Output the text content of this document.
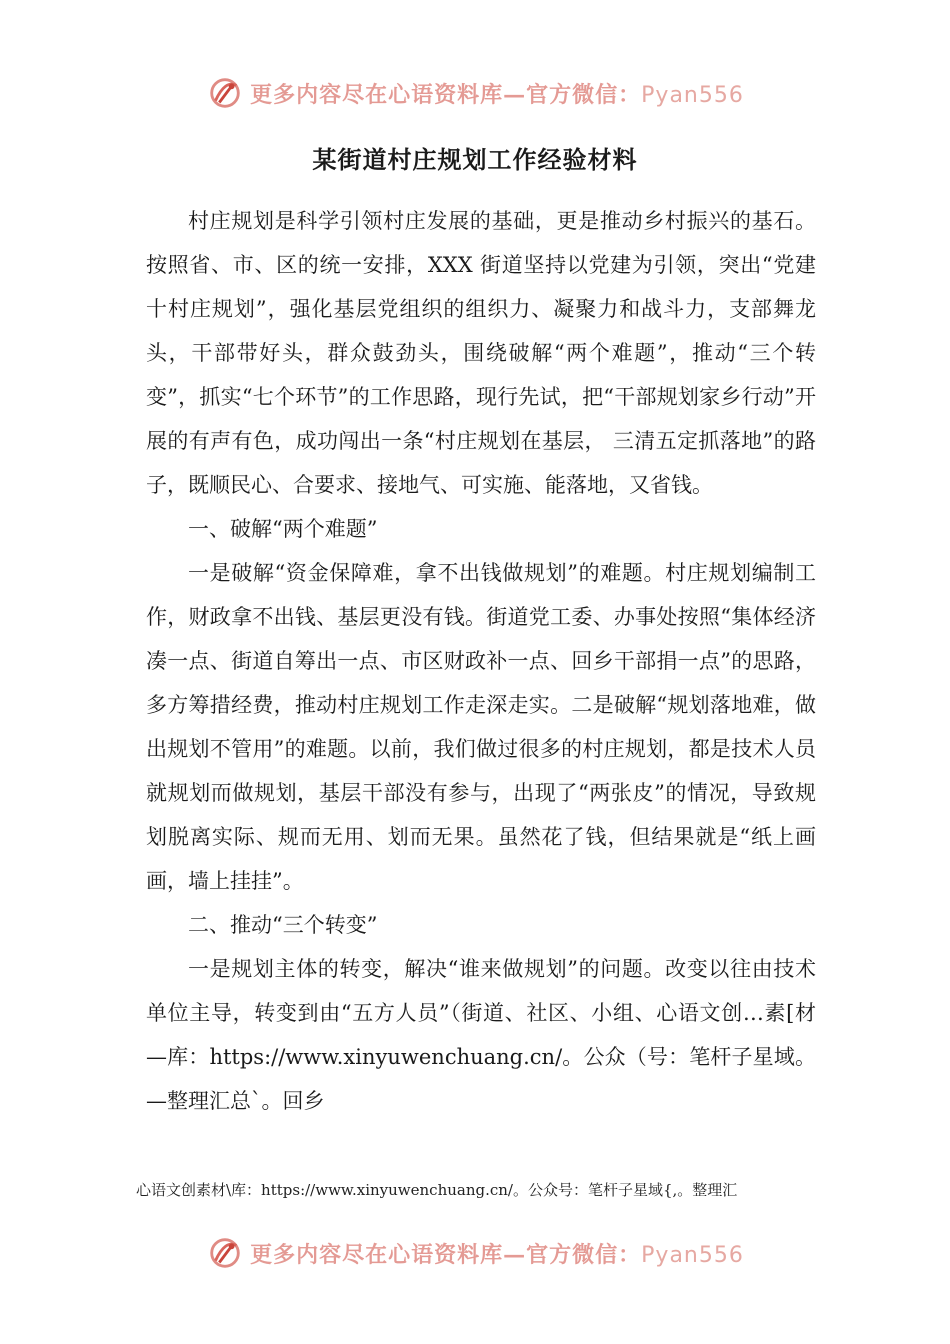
更多内容尽在心语资料库—官方微信：Pyan556
某街道村庄规划工作经验材料

村庄规划是科学引领村庄发展的基础，更是推动乡村振兴的基石。按照省、市、区的统一安排，XXX 街道坚持以党建为引领，突出“党建十村庄规划”，强化基层党组织的组织力、凝聚力和战斗力，支部舞龙头，干部带好头，群众鼓劲头，围绕破解“两个难题”，推动“三个转变”，抓实“七个环节”的工作思路，现行先试，把“干部规划家乡行动”开展的有声有色，成功闯出一条“村庄规划在基层， 三清五定抓落地”的路子，既顺民心、合要求、接地气、可实施、能落地，又省钱。

一、破解“两个难题”

一是破解“资金保障难，拿不出钱做规划”的难题。村庄规划编制工作，财政拿不出钱、基层更没有钱。街道党工委、办事处按照“集体经济凑一点、街道自筹出一点、市区财政补一点、回乡干部捐一点”的思路，多方筹措经费，推动村庄规划工作走深走实。二是破解“规划落地难，做出规划不管用”的难题。以前，我们做过很多的村庄规划，都是技术人员就规划而做规划，基层干部没有参与，出现了“两张皮”的情况，导致规划脱离实际、规而无用、划而无果。虽然花了钱，但结果就是“纸上画画，墙上挂挂”。

二、推动“三个转变”

一是规划主体的转变，解决“谁来做规划”的问题。改变以往由技术单位主导，转变到由“五方人员”（街道、社区、小组、心语文创…素[材—库：https://www.xinyuwenchuang.cn/。公众（号：笔杆子星域。—整理汇总`。回乡

心语文创素材\库：https://www.xinyuwenchuang.cn/。公众号：笔杆子星域{,。整理汇
更多内容尽在心语资料库—官方微信：Pyan556
